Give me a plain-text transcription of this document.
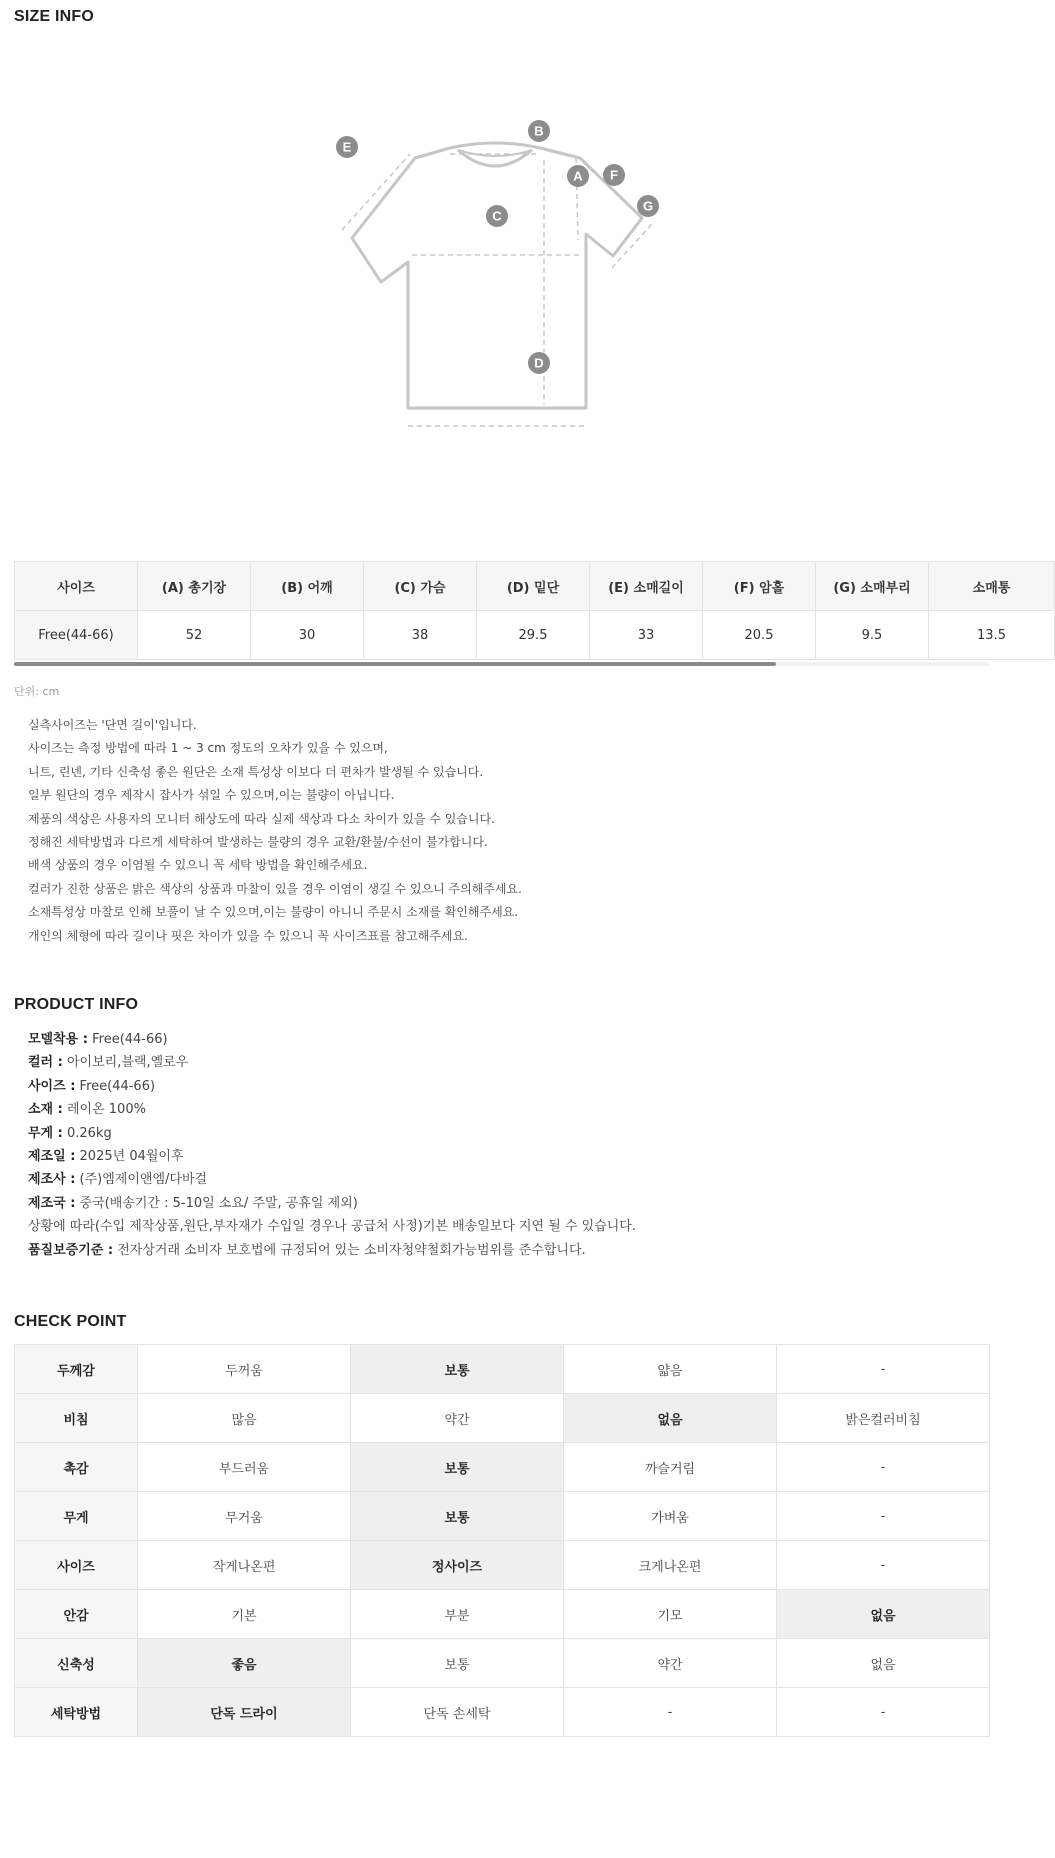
SIZE INFO
A
B
C
D
E
F
G
사이즈	(A) 총기장	(B) 어깨	(C) 가슴	(D) 밑단	(E) 소매길이	(F) 암홀	(G) 소매부리	소매통
Free(44-66)	52	30	38	29.5	33	20.5	9.5	13.5
단위: cm
실측사이즈는 '단면 길이'입니다.
사이즈는 측정 방법에 따라 1 ~ 3 cm 정도의 오차가 있을 수 있으며,
니트, 린넨, 기타 신축성 좋은 원단은 소재 특성상 이보다 더 편차가 발생될 수 있습니다.
일부 원단의 경우 제작시 잡사가 섞일 수 있으며,이는 불량이 아닙니다.
제품의 색상은 사용자의 모니터 해상도에 따라 실제 색상과 다소 차이가 있을 수 있습니다.
정해진 세탁방법과 다르게 세탁하여 발생하는 불량의 경우 교환/환불/수선이 불가합니다.
배색 상품의 경우 이염될 수 있으니 꼭 세탁 방법을 확인해주세요.
컬러가 진한 상품은 밝은 색상의 상품과 마찰이 있을 경우 이염이 생길 수 있으니 주의해주세요.
소재특성상 마찰로 인해 보풀이 날 수 있으며,이는 불량이 아니니 주문시 소재를 확인해주세요.
개인의 체형에 따라 길이나 핏은 차이가 있을 수 있으니 꼭 사이즈표를 참고해주세요.
PRODUCT INFO
모델착용 : Free(44-66)
컬러 : 아이보리,블랙,옐로우
사이즈 : Free(44-66)
소재 : 레이온 100%
무게 : 0.26kg
제조일 : 2025년 04월이후
제조사 : (주)엠제이앤엠/다바걸
제조국 : 중국(배송기간 : 5-10일 소요/ 주말, 공휴일 제외)
상황에 따라(수입 제작상품,원단,부자재가 수입일 경우나 공급처 사정)기본 배송일보다 지연 될 수 있습니다.
품질보증기준 : 전자상거래 소비자 보호법에 규정되어 있는 소비자청약철회가능범위를 준수합니다.
CHECK POINT
두께감	두꺼움	보통	얇음	-
비침	많음	약간	없음	밝은컬러비침
촉감	부드러움	보통	까슬거림	-
무게	무거움	보통	가벼움	-
사이즈	작게나온편	정사이즈	크게나온편	-
안감	기본	부분	기모	없음
신축성	좋음	보통	약간	없음
세탁방법	단독 드라이	단독 손세탁	-	-
